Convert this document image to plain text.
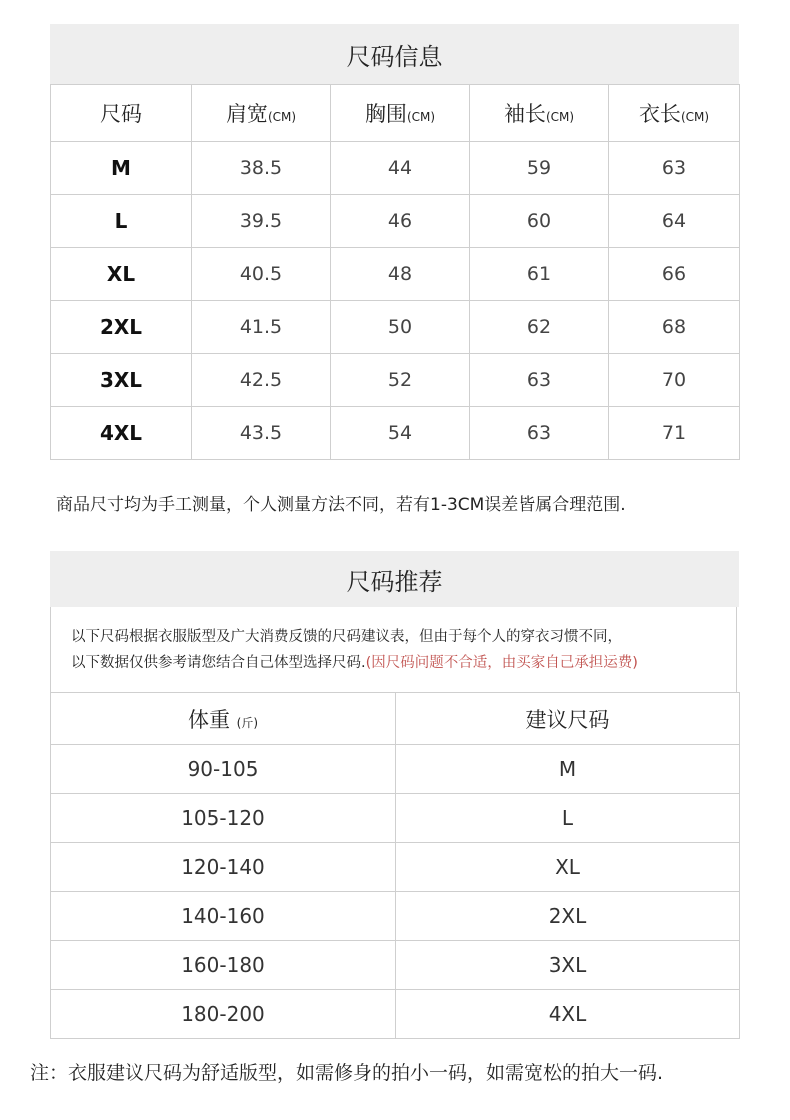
尺码信息
尺码	肩宽(CM)	胸围(CM)	袖长(CM)	衣长(CM)
M	38.5	44	59	63
L	39.5	46	60	64
XL	40.5	48	61	66
2XL	41.5	50	62	68
3XL	42.5	52	63	70
4XL	43.5	54	63	71
商品尺寸均为手工测量，个人测量方法不同，若有1-3CM误差皆属合理范围.
尺码推荐
以下尺码根据衣服版型及广大消费反馈的尺码建议表，但由于每个人的穿衣习惯不同，
以下数据仅供参考请您结合自己体型选择尺码.(因尺码问题不合适，由买家自己承担运费)
体重 (斤)	建议尺码
90-105	M
105-120	L
120-140	XL
140-160	2XL
160-180	3XL
180-200	4XL
注：衣服建议尺码为舒适版型，如需修身的拍小一码，如需宽松的拍大一码.
